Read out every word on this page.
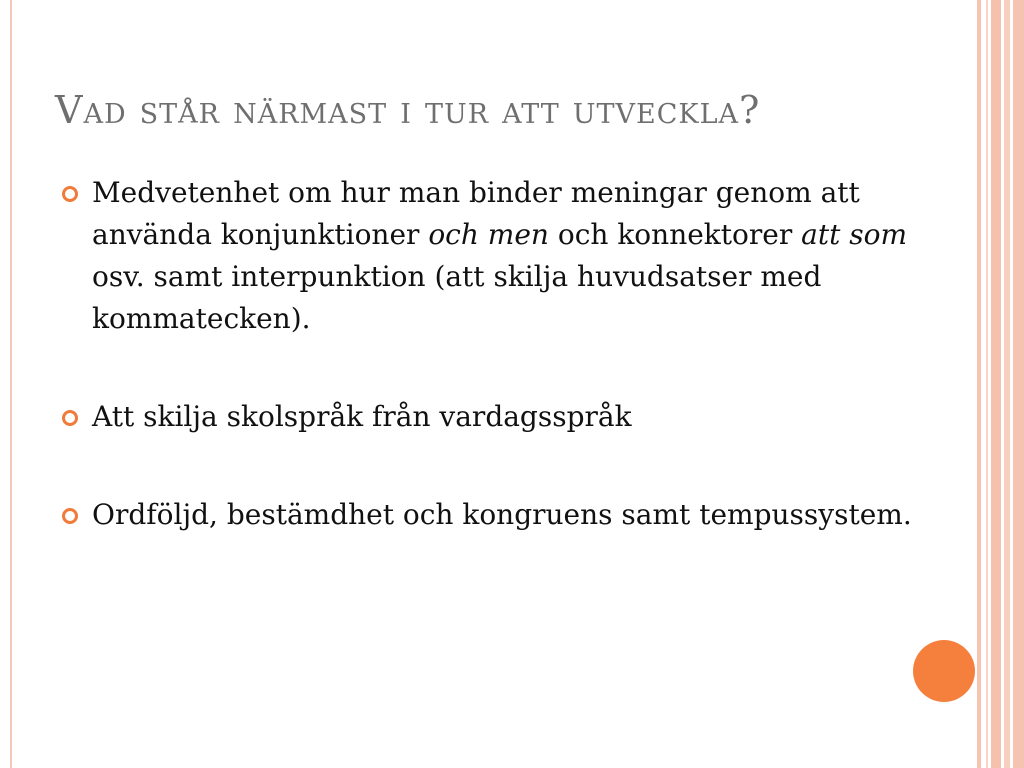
Vad står närmast i tur att utveckla?
Medvetenhet om hur man binder meningar genom att använda konjunktioner och men och konnektorer att som osv. samt interpunktion (att skilja huvudsatser med kommatecken).
Att skilja skolspråk från vardagsspråk
Ordföljd, bestämdhet och kongruens samt tempussystem.
